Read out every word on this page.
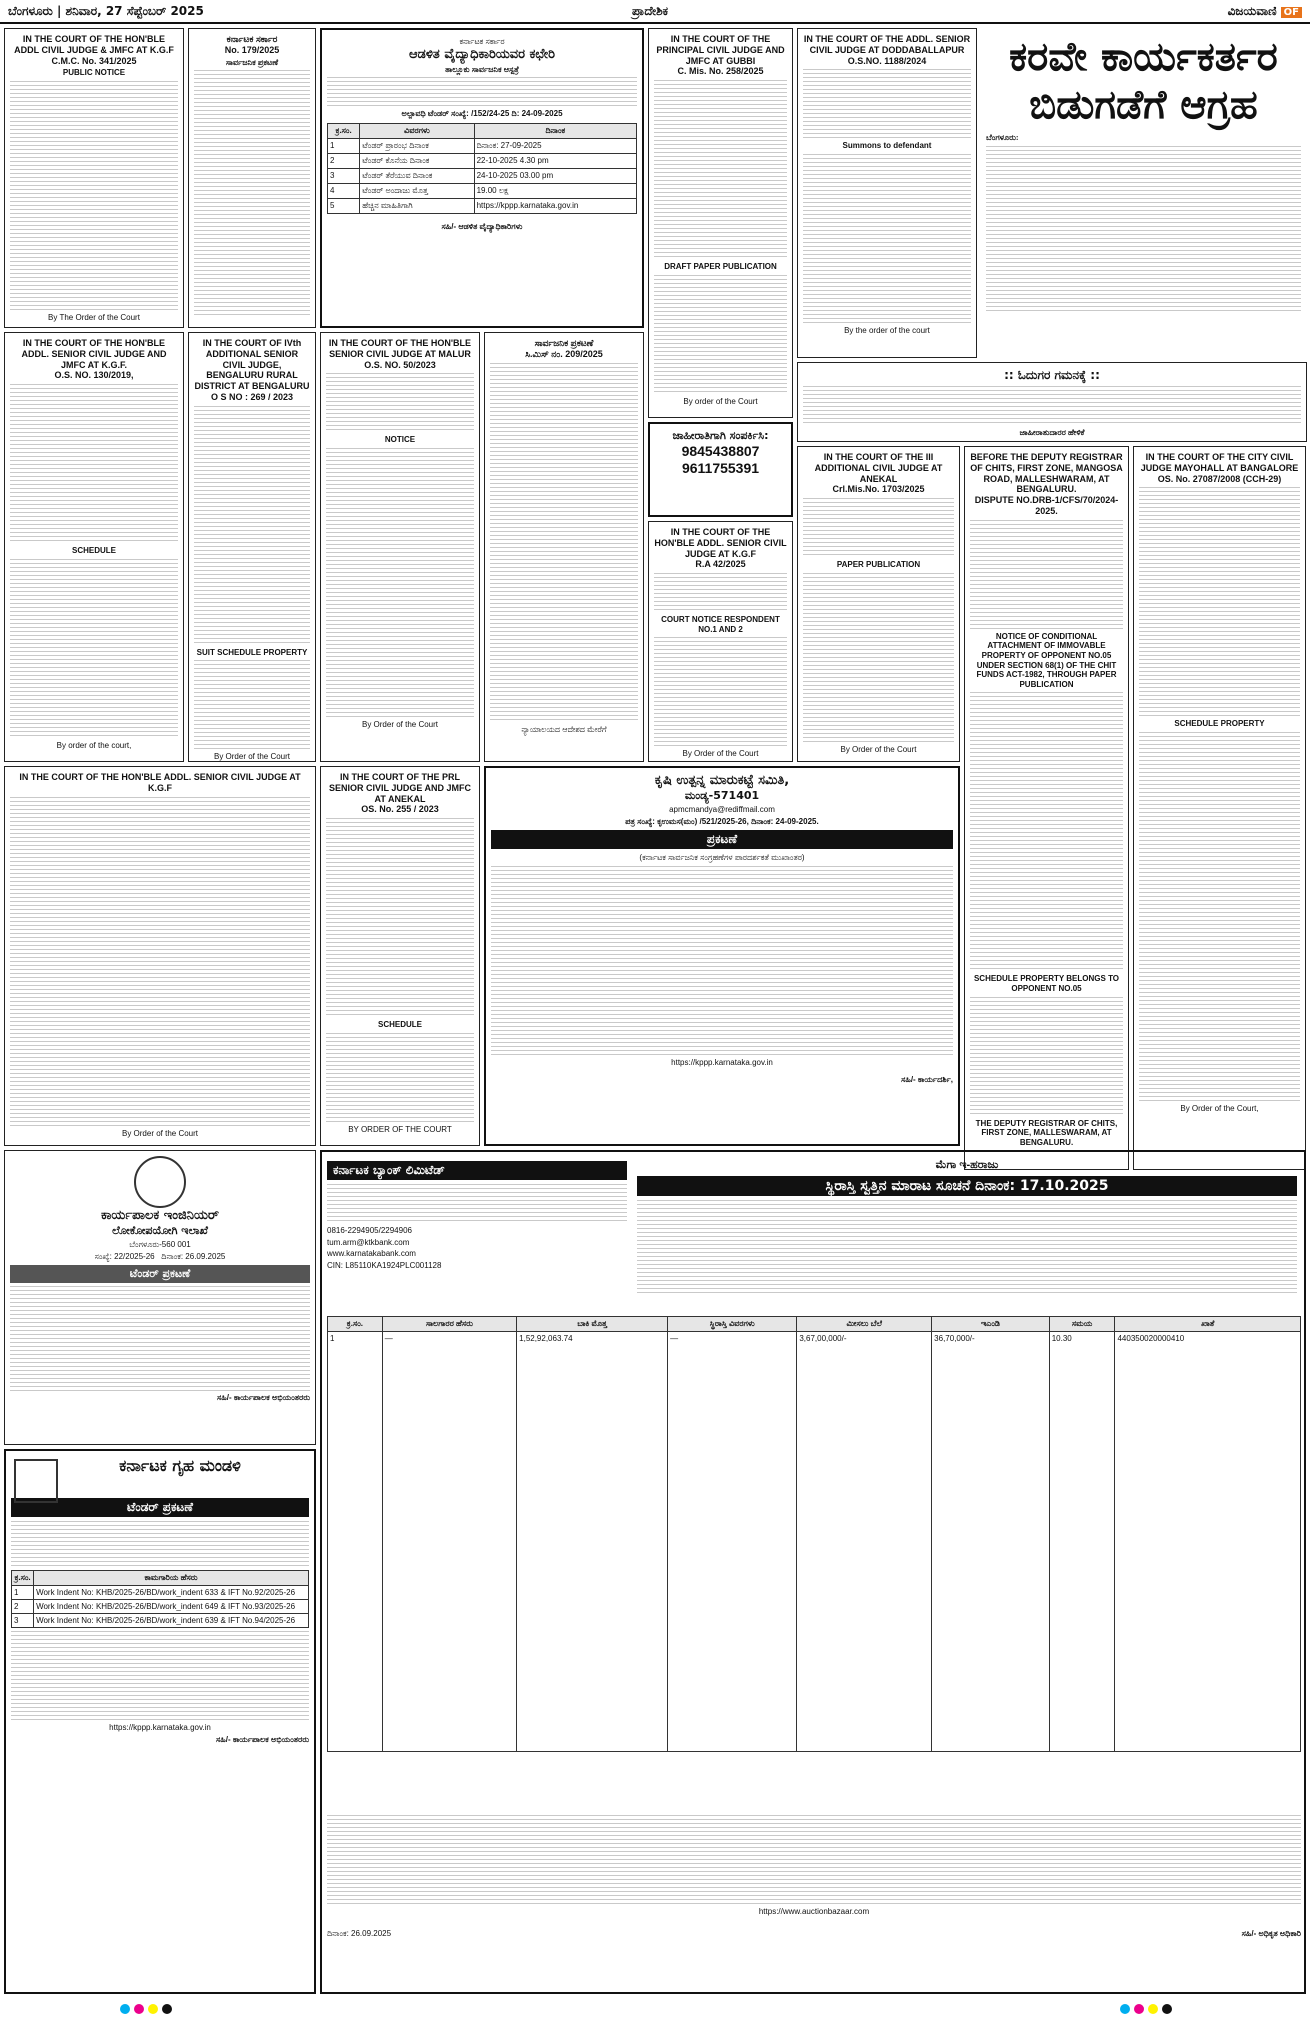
ಬೆಂಗಳೂರು | ಶನಿವಾರ, 27 ಸೆಪ್ಟೆಂಬರ್ 2025	ಪ್ರಾದೇಶಿಕ	ವಿಜಯವಾಣಿ OF
IN THE COURT OF THE HON'BLE ADDL CIVIL JUDGE & JMFC AT K.G.F
C.M.C. No. 341/2025
PUBLIC NOTICE
By The Order of the Court
IN THE COURT OF THE HON'BLE ADDL. SENIOR CIVIL JUDGE AND JMFC AT K.G.F.
O.S. NO. 130/2019,
SCHEDULE
By order of the court,
ಕರ್ನಾಟಕ ಸರ್ಕಾರ
No. 179/2025
ಸಾರ್ವಜನಿಕ ಪ್ರಕಟಣೆ
IN THE COURT OF IVth ADDITIONAL SENIOR CIVIL JUDGE, BENGALURU RURAL DISTRICT AT BENGALURU
O S NO : 269 / 2023
SUIT SCHEDULE PROPERTY
By Order of the Court
ಕರ್ನಾಟಕ ಸರ್ಕಾರ
ಆಡಳಿತ ವೈದ್ಯಾಧಿಕಾರಿಯವರ ಕಛೇರಿ
ತಾಲ್ಲೂಕು ಸಾರ್ವಜನಿಕ ಆಸ್ಪತ್ರೆ
ಅಲ್ಪಾವಧಿ ಟೆಂಡರ್ ಸಂಖ್ಯೆ: /152/24-25 ದಿ: 24-09-2025
ಕ್ರ.ಸಂ.	ವಿವರಗಳು	ದಿನಾಂಕ
1	ಟೆಂಡರ್ ಪ್ರಾರಂಭ ದಿನಾಂಕ	ದಿನಾಂಕ: 27-09-2025
2	ಟೆಂಡರ್ ಕೊನೆಯ ದಿನಾಂಕ	22-10-2025 4.30 pm
3	ಟೆಂಡರ್ ತೆರೆಯುವ ದಿನಾಂಕ	24-10-2025 03.00 pm
4	ಟೆಂಡರ್ ಅಂದಾಜು ಮೊತ್ತ	19.00 ಲಕ್ಷ
5	ಹೆಚ್ಚಿನ ಮಾಹಿತಿಗಾಗಿ	https://kppp.karnataka.gov.in
ಸಹಿ/- ಆಡಳಿತ ವೈದ್ಯಾಧಿಕಾರಿಗಳು
IN THE COURT OF THE HON'BLE SENIOR CIVIL JUDGE AT MALUR
O.S. NO. 50/2023
NOTICE
By Order of the Court
ಸಾರ್ವಜನಿಕ ಪ್ರಕಟಣೆ
ಸಿ.ಮಿಸ್ ನಂ. 209/2025
ನ್ಯಾಯಾಲಯದ ಆದೇಶದ ಮೇರೆಗೆ
IN THE COURT OF THE PRINCIPAL CIVIL JUDGE AND JMFC AT GUBBI
C. Mis. No. 258/2025
DRAFT PAPER PUBLICATION
By order of the Court
ಜಾಹೀರಾತಿಗಾಗಿ ಸಂಪರ್ಕಿಸಿ:
9845438807
9611755391
IN THE COURT OF THE HON'BLE ADDL. SENIOR CIVIL JUDGE AT K.G.F
R.A 42/2025
COURT NOTICE RESPONDENT NO.1 AND 2
By Order of the Court
IN THE COURT OF THE ADDL. SENIOR CIVIL JUDGE AT DODDABALLAPUR
O.S.NO. 1188/2024
Summons to defendant
By the order of the court
ಕರವೇ ಕಾರ್ಯಕರ್ತರ ಬಿಡುಗಡೆಗೆ ಆಗ್ರಹ
ಬೆಂಗಳೂರು:
:: ಓದುಗರ ಗಮನಕ್ಕೆ ::
ಜಾಹೀರಾತುದಾರರ ಹೇಳಿಕೆ
IN THE COURT OF THE III ADDITIONAL CIVIL JUDGE AT ANEKAL
Crl.Mis.No. 1703/2025
PAPER PUBLICATION
By Order of the Court
BEFORE THE DEPUTY REGISTRAR OF CHITS, FIRST ZONE, MANGOSA ROAD, MALLESHWARAM, AT BENGALURU.
DISPUTE NO.DRB-1/CFS/70/2024-2025.
NOTICE OF CONDITIONAL ATTACHMENT OF IMMOVABLE PROPERTY OF OPPONENT NO.05 UNDER SECTION 68(1) OF THE CHIT FUNDS ACT-1982, THROUGH PAPER PUBLICATION
SCHEDULE PROPERTY BELONGS TO OPPONENT NO.05
THE DEPUTY REGISTRAR OF CHITS, FIRST ZONE, MALLESWARAM, AT BENGALURU.
IN THE COURT OF THE CITY CIVIL JUDGE MAYOHALL AT BANGALORE
OS. No. 27087/2008 (CCH-29)
SCHEDULE PROPERTY
By Order of the Court,
IN THE COURT OF THE HON'BLE ADDL. SENIOR CIVIL JUDGE AT K.G.F
By Order of the Court
IN THE COURT OF THE PRL SENIOR CIVIL JUDGE AND JMFC AT ANEKAL
OS. No. 255 / 2023
SCHEDULE
BY ORDER OF THE COURT
ಕೃಷಿ ಉತ್ಪನ್ನ ಮಾರುಕಟ್ಟೆ ಸಮಿತಿ,
ಮಂಡ್ಯ-571401
apmcmandya@rediffmail.com
ಪತ್ರ ಸಂಖ್ಯೆ: ಕೃಉಮಸ(ಮಂ) /521/2025-26, ದಿನಾಂಕ: 24-09-2025.
ಪ್ರಕಟಣೆ
(ಕರ್ನಾಟಕ ಸಾರ್ವಜನಿಕ ಸಂಗ್ರಹಣೆಗಳ ಪಾರದರ್ಶಕತೆ ಮುಖಾಂತರ)
https://kppp.karnataka.gov.in
ಸಹಿ/- ಕಾರ್ಯದರ್ಶಿ,
ಕಾರ್ಯಪಾಲಕ ಇಂಜಿನಿಯರ್
ಲೋಕೋಪಯೋಗಿ ಇಲಾಖೆ
ಬೆಂಗಳೂರು-560 001
ಸಂಖ್ಯೆ: 22/2025-26 ದಿನಾಂಕ: 26.09.2025
ಟೆಂಡರ್ ಪ್ರಕಟಣೆ
ಸಹಿ/- ಕಾರ್ಯಪಾಲಕ ಅಭಿಯಂತರರು
ಕರ್ನಾಟಕ ಗೃಹ ಮಂಡಳಿ
ಟೆಂಡರ್ ಪ್ರಕಟಣೆ
ಕ್ರ.ಸಂ.	ಕಾಮಗಾರಿಯ ಹೆಸರು
1	Work Indent No: KHB/2025-26/BD/work_indent 633 & IFT No.92/2025-26
2	Work Indent No: KHB/2025-26/BD/work_indent 649 & IFT No.93/2025-26
3	Work Indent No: KHB/2025-26/BD/work_indent 639 & IFT No.94/2025-26
https://kppp.karnataka.gov.in
ಸಹಿ/- ಕಾರ್ಯಪಾಲಕ ಅಭಿಯಂತರರು
ಕರ್ನಾಟಕ ಬ್ಯಾಂಕ್ ಲಿಮಿಟೆಡ್
0816-2294905/2294906
tum.arm@ktkbank.com
www.karnatakabank.com
CIN: L85110KA1924PLC001128
ಮೆಗಾ ಇ-ಹರಾಜು
ಸ್ಥಿರಾಸ್ತಿ ಸ್ವತ್ತಿನ ಮಾರಾಟ ಸೂಚನೆ ದಿನಾಂಕ: 17.10.2025
ಕ್ರ.ಸಂ.	ಸಾಲಗಾರರ ಹೆಸರು	ಬಾಕಿ ಮೊತ್ತ	ಸ್ಥಿರಾಸ್ತಿ ವಿವರಗಳು	ಮೀಸಲು ಬೆಲೆ	ಇಎಂಡಿ	ಸಮಯ	ಖಾತೆ
1	—	1,52,92,063.74	—	3,67,00,000/-	36,70,000/-	10.30	440350020000410
https://www.auctionbazaar.com
ದಿನಾಂಕ: 26.09.2025	ಸಹಿ/- ಅಧಿಕೃತ ಅಧಿಕಾರಿ
